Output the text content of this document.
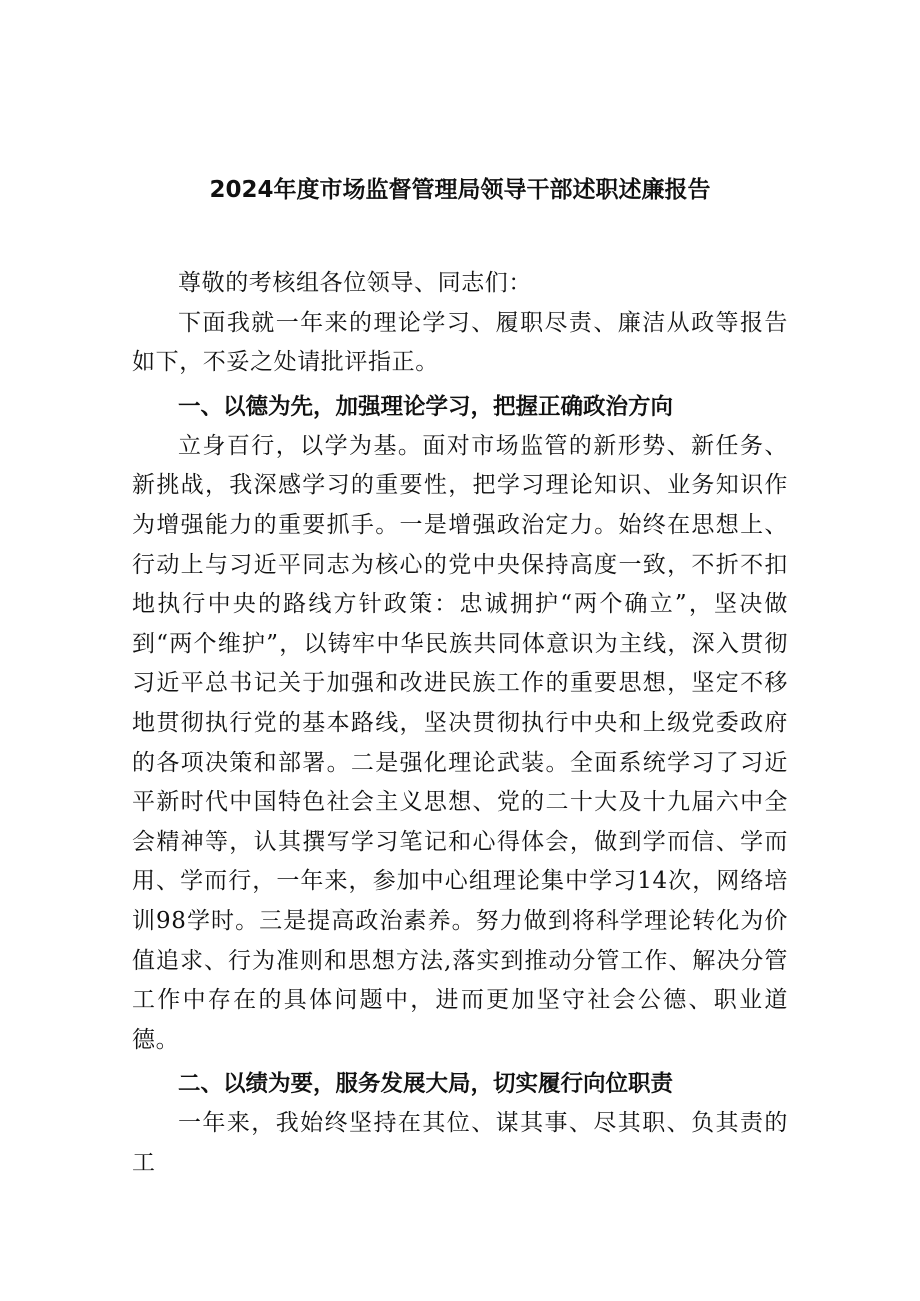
2024年度市场监督管理局领导干部述职述廉报告

尊敬的考核组各位领导、同志们：

下面我就一年来的理论学习、履职尽责、廉洁从政等报告如下，不妥之处请批评指正。

一、以德为先，加强理论学习，把握正确政治方向

立身百行，以学为基。面对市场监管的新形势、新任务、新挑战，我深感学习的重要性，把学习理论知识、业务知识作为增强能力的重要抓手。一是增强政治定力。始终在思想上、行动上与习近平同志为核心的党中央保持高度一致，不折不扣地执行中央的路线方针政策：忠诚拥护“两个确立”，坚决做到“两个维护”，以铸牢中华民族共同体意识为主线，深入贯彻习近平总书记关于加强和改进民族工作的重要思想，坚定不移地贯彻执行党的基本路线，坚决贯彻执行中央和上级党委政府的各项决策和部署。二是强化理论武装。全面系统学习了习近平新时代中国特色社会主义思想、党的二十大及十九届六中全会精神等，认其撰写学习笔记和心得体会，做到学而信、学而用、学而行，一年来，参加中心组理论集中学习14次，网络培训98学时。三是提高政治素养。努力做到将科学理论转化为价值追求、行为准则和思想方法,落实到推动分管工作、解决分管工作中存在的具体问题中，进而更加坚守社会公德、职业道德。

二、以绩为要，服务发展大局，切实履行向位职责

一年来，我始终坚持在其位、谋其事、尽其职、负其责的工
